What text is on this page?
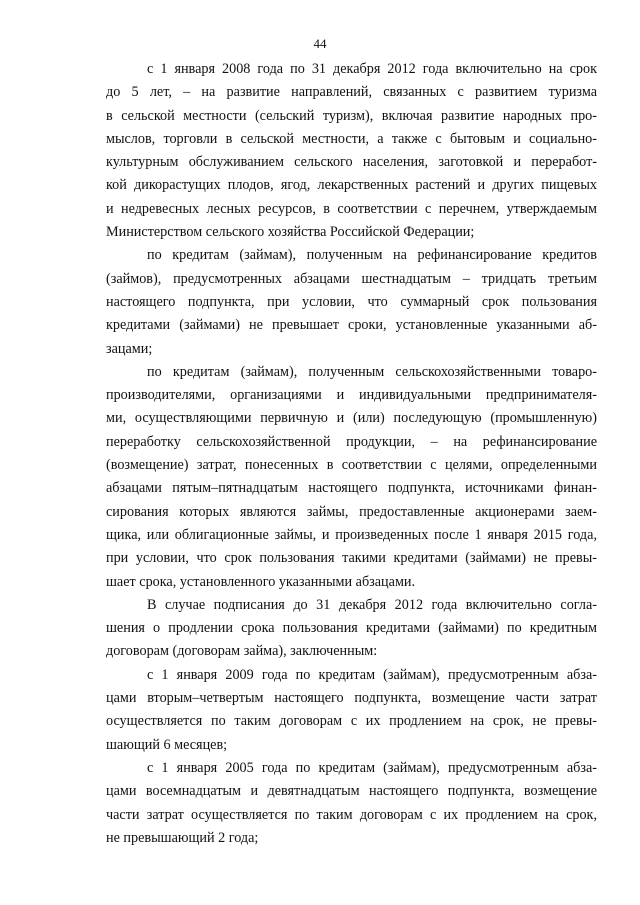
44

с 1 января 2008 года по 31 декабря 2012 года включительно на срок
до 5 лет, – на развитие направлений, связанных с развитием туризма
в сельской местности (сельский туризм), включая развитие народных про-
мыслов, торговли в сельской местности, а также с бытовым и социально-
культурным обслуживанием сельского населения, заготовкой и переработ-
кой дикорастущих плодов, ягод, лекарственных растений и других пищевых
и недревесных лесных ресурсов, в соответствии с перечнем, утверждаемым
Министерством сельского хозяйства Российской Федерации;

по кредитам (займам), полученным на рефинансирование кредитов
(займов), предусмотренных абзацами шестнадцатым – тридцать третьим
настоящего подпункта, при условии, что суммарный срок пользования
кредитами (займами) не превышает сроки, установленные указанными аб-
зацами;

по кредитам (займам), полученным сельскохозяйственными товаро-
производителями, организациями и индивидуальными предпринимателя-
ми, осуществляющими первичную и (или) последующую (промышленную)
переработку сельскохозяйственной продукции, – на рефинансирование
(возмещение) затрат, понесенных в соответствии с целями, определенными
абзацами пятым–пятнадцатым настоящего подпункта, источниками финан-
сирования которых являются займы, предоставленные акционерами заем-
щика, или облигационные займы, и произведенных после 1 января 2015 года,
при условии, что срок пользования такими кредитами (займами) не превы-
шает срока, установленного указанными абзацами.

В случае подписания до 31 декабря 2012 года включительно согла-
шения о продлении срока пользования кредитами (займами) по кредитным
договорам (договорам займа), заключенным:

с 1 января 2009 года по кредитам (займам), предусмотренным абза-
цами вторым–четвертым настоящего подпункта, возмещение части затрат
осуществляется по таким договорам с их продлением на срок, не превы-
шающий 6 месяцев;

с 1 января 2005 года по кредитам (займам), предусмотренным абза-
цами восемнадцатым и девятнадцатым настоящего подпункта, возмещение
части затрат осуществляется по таким договорам с их продлением на срок,
не превышающий 2 года;
